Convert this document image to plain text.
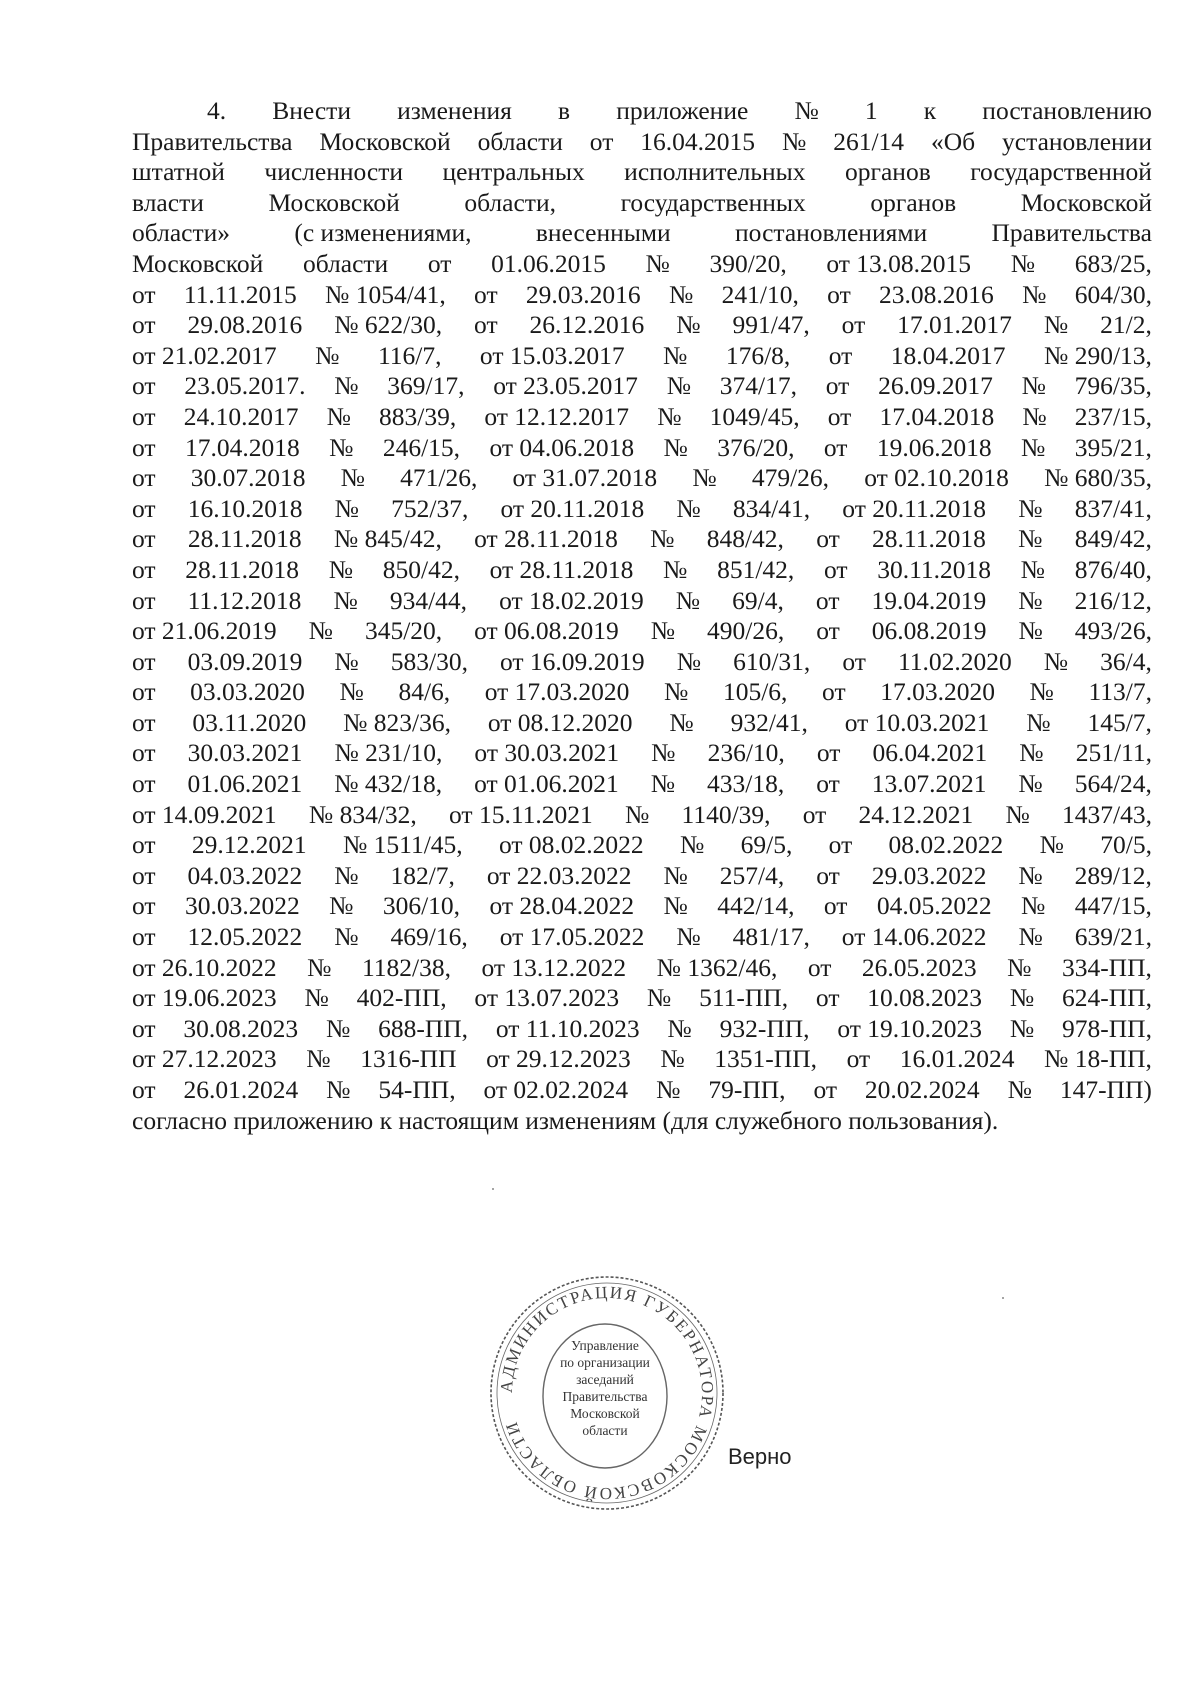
4. Внести изменения в приложение № 1 к постановлению
Правительства Московской области от 16.04.2015 № 261/14 «Об установлении
штатной численности центральных исполнительных органов государственной
власти	Московской	области,	государственных	органов	Московской
области»	(с изменениями,	внесенными	постановлениями	Правительства
Московской области от 01.06.2015 № 390/20, от 13.08.2015 № 683/25,
от 11.11.2015 № 1054/41, от 29.03.2016 № 241/10, от 23.08.2016 № 604/30,
от 29.08.2016 № 622/30, от 26.12.2016 № 991/47, от 17.01.2017 № 21/2,
от 21.02.2017 № 116/7, от 15.03.2017 № 176/8, от 18.04.2017 № 290/13,
от 23.05.2017. № 369/17, от 23.05.2017 № 374/17, от 26.09.2017 № 796/35,
от 24.10.2017 № 883/39, от 12.12.2017 № 1049/45, от 17.04.2018 № 237/15,
от 17.04.2018 № 246/15, от 04.06.2018 № 376/20, от 19.06.2018 № 395/21,
от 30.07.2018 № 471/26, от 31.07.2018 № 479/26, от 02.10.2018 № 680/35,
от 16.10.2018 № 752/37, от 20.11.2018 № 834/41, от 20.11.2018 № 837/41,
от 28.11.2018 № 845/42, от 28.11.2018 № 848/42, от 28.11.2018 № 849/42,
от 28.11.2018 № 850/42, от 28.11.2018 № 851/42, от 30.11.2018 № 876/40,
от 11.12.2018 № 934/44, от 18.02.2019 № 69/4, от 19.04.2019 № 216/12,
от 21.06.2019 № 345/20, от 06.08.2019 № 490/26, от 06.08.2019 № 493/26,
от 03.09.2019 № 583/30, от 16.09.2019 № 610/31, от 11.02.2020 № 36/4,
от 03.03.2020 № 84/6, от 17.03.2020 № 105/6, от 17.03.2020 № 113/7,
от 03.11.2020 № 823/36, от 08.12.2020 № 932/41, от 10.03.2021 № 145/7,
от 30.03.2021 № 231/10, от 30.03.2021 № 236/10, от 06.04.2021 № 251/11,
от 01.06.2021 № 432/18, от 01.06.2021 № 433/18, от 13.07.2021 № 564/24,
от 14.09.2021 № 834/32, от 15.11.2021 № 1140/39, от 24.12.2021 № 1437/43,
от 29.12.2021 № 1511/45, от 08.02.2022 № 69/5, от 08.02.2022 № 70/5,
от 04.03.2022 № 182/7, от 22.03.2022 № 257/4, от 29.03.2022 № 289/12,
от 30.03.2022 № 306/10, от 28.04.2022 № 442/14, от 04.05.2022 № 447/15,
от 12.05.2022 № 469/16, от 17.05.2022 № 481/17, от 14.06.2022 № 639/21,
от 26.10.2022 № 1182/38, от 13.12.2022 № 1362/46, от 26.05.2023 № 334-ПП,
от 19.06.2023 № 402-ПП, от 13.07.2023 № 511-ПП, от 10.08.2023 № 624-ПП,
от 30.08.2023 № 688-ПП, от 11.10.2023 № 932-ПП, от 19.10.2023 № 978-ПП,
от 27.12.2023 № 1316-ПП от 29.12.2023 № 1351-ПП, от 16.01.2024 № 18-ПП,
от 26.01.2024 № 54-ПП, от 02.02.2024 № 79-ПП, от 20.02.2024 № 147-ПП)
согласно приложению к настоящим изменениям (для служебного пользования).
АДМИНИСТРАЦИЯ ГУБЕРНАТОРА МОСКОВСКОЙ ОБЛАСТИ
Управление
по организации
заседаний
Правительства
Московской
области
Верно
